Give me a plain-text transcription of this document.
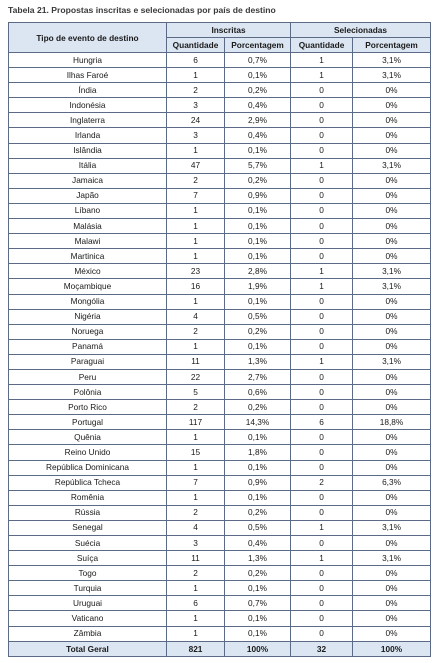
Tabela 21. Propostas inscritas e selecionadas por país de destino
Tipo de evento de destino	Inscritas		Selecionadas	
	Quantidade	Porcentagem	Quantidade	Porcentagem
Hungria	6	0,7%	1	3,1%
Ilhas Faroé	1	0,1%	1	3,1%
Índia	2	0,2%	0	0%
Indonésia	3	0,4%	0	0%
Inglaterra	24	2,9%	0	0%
Irlanda	3	0,4%	0	0%
Islândia	1	0,1%	0	0%
Itália	47	5,7%	1	3,1%
Jamaica	2	0,2%	0	0%
Japão	7	0,9%	0	0%
Líbano	1	0,1%	0	0%
Malásia	1	0,1%	0	0%
Malawi	1	0,1%	0	0%
Martinica	1	0,1%	0	0%
México	23	2,8%	1	3,1%
Moçambique	16	1,9%	1	3,1%
Mongólia	1	0,1%	0	0%
Nigéria	4	0,5%	0	0%
Noruega	2	0,2%	0	0%
Panamá	1	0,1%	0	0%
Paraguai	11	1,3%	1	3,1%
Peru	22	2,7%	0	0%
Polônia	5	0,6%	0	0%
Porto Rico	2	0,2%	0	0%
Portugal	117	14,3%	6	18,8%
Quênia	1	0,1%	0	0%
Reino Unido	15	1,8%	0	0%
República Dominicana	1	0,1%	0	0%
República Tcheca	7	0,9%	2	6,3%
Romênia	1	0,1%	0	0%
Rússia	2	0,2%	0	0%
Senegal	4	0,5%	1	3,1%
Suécia	3	0,4%	0	0%
Suíça	11	1,3%	1	3,1%
Togo	2	0,2%	0	0%
Turquia	1	0,1%	0	0%
Uruguai	6	0,7%	0	0%
Vaticano	1	0,1%	0	0%
Zâmbia	1	0,1%	0	0%
Total Geral	821	100%	32	100%
